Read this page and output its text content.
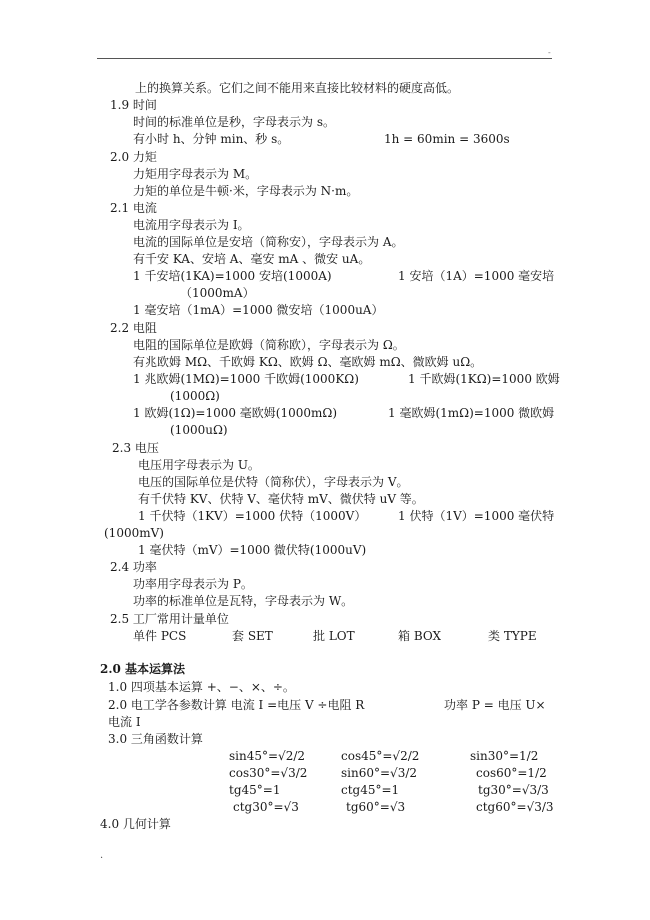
-
上的换算关系。它们之间不能用来直接比较材料的硬度高低。
1.9 时间
时间的标准单位是秒，字母表示为 s。
有小时 h、分钟 min、秒 s。	1h = 60min = 3600s
2.0 力矩
力矩用字母表示为 M。
力矩的单位是牛顿·米，字母表示为 N·m。
2.1 电流
电流用字母表示为 I。
电流的国际单位是安培（简称安），字母表示为 A。
有千安 KA、安培 A、毫安 mA 、微安 uA。
1 千安培(1KA)=1000 安培(1000A)	1 安培（1A）=1000 毫安培
（1000mA）
1 毫安培（1mA）=1000 微安培（1000uA）
2.2 电阻
电阻的国际单位是欧姆（简称欧），字母表示为 Ω。
有兆欧姆 MΩ、千欧姆 KΩ、欧姆 Ω、毫欧姆 mΩ、微欧姆 uΩ。
1 兆欧姆(1MΩ)=1000 千欧姆(1000KΩ)	1 千欧姆(1KΩ)=1000 欧姆
(1000Ω)
1 欧姆(1Ω)=1000 毫欧姆(1000mΩ)	1 毫欧姆(1mΩ)=1000 微欧姆
(1000uΩ)
2.3 电压
电压用字母表示为 U。
电压的国际单位是伏特（简称伏），字母表示为 V。
有千伏特 KV、伏特 V、毫伏特 mV、微伏特 uV 等。
1 千伏特（1KV）=1000 伏特（1000V）	1 伏特（1V）=1000 毫伏特
(1000mV)
1 毫伏特（mV）=1000 微伏特(1000uV)
2.4 功率
功率用字母表示为 P。
功率的标准单位是瓦特，字母表示为 W。
2.5 工厂常用计量单位
单件 PCS	套 SET	批 LOT	箱 BOX	类 TYPE
2.0 基本运算法
1.0 四项基本运算 +、−、×、÷。
2.0 电工学各参数计算 电流 I =电压 V ÷电阻 R	功率 P = 电压 U×
电流 I
3.0 三角函数计算
sin45°=√2/2	cos45°=√2/2	sin30°=1/2
cos30°=√3/2	sin60°=√3/2	cos60°=1/2
tg45°=1	ctg45°=1	tg30°=√3/3
ctg30°=√3	tg60°=√3	ctg60°=√3/3
4.0 几何计算
·
